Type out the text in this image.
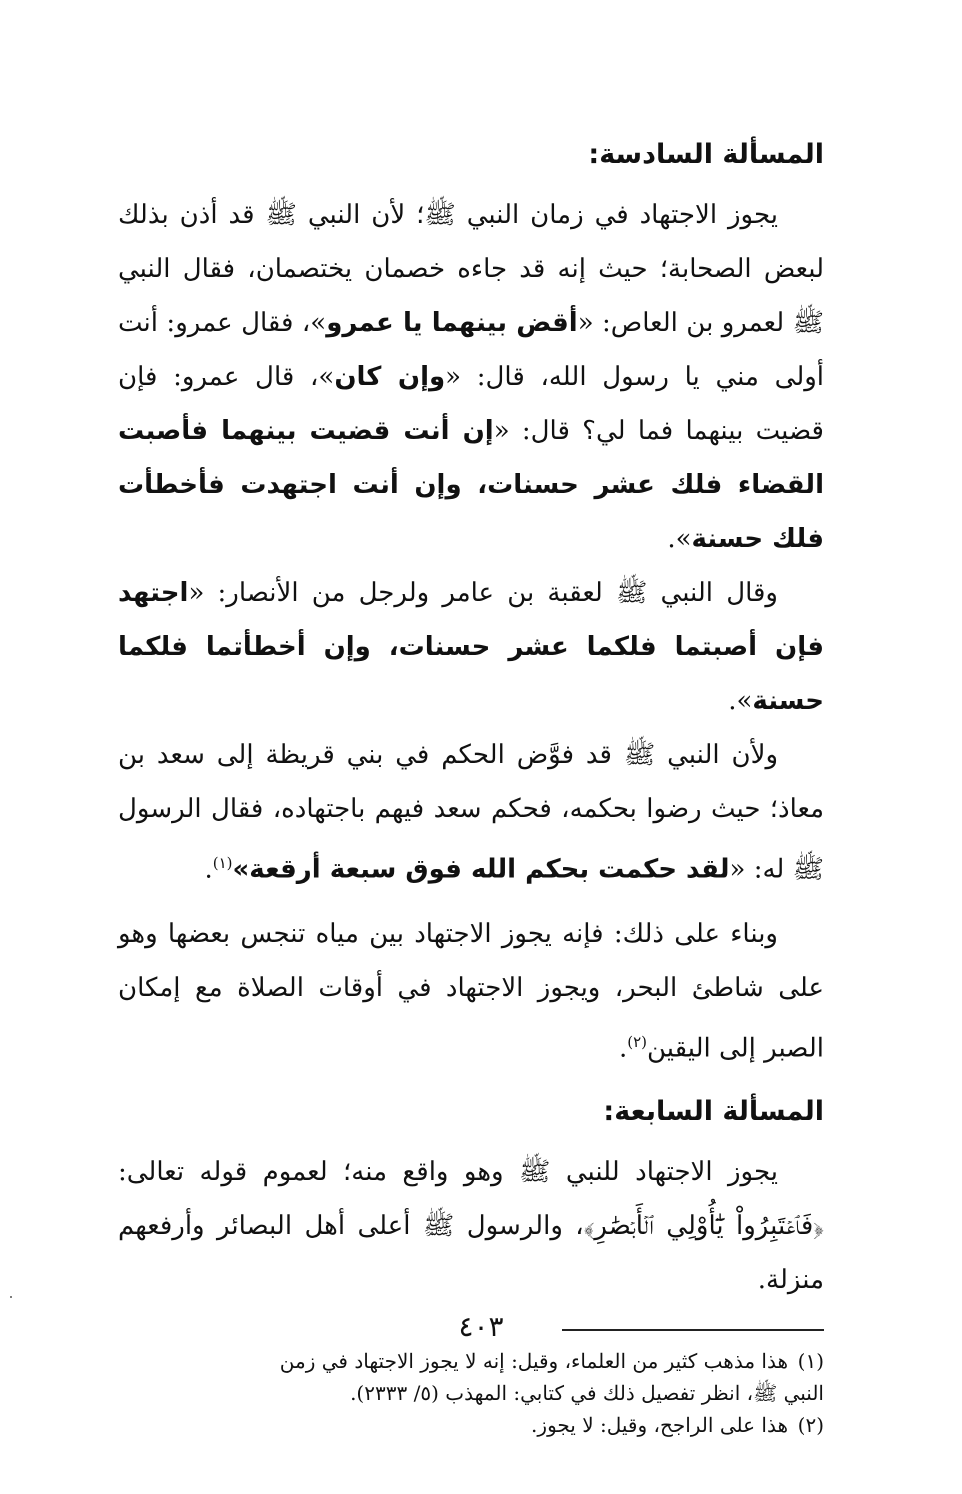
المسألة السادسة:

يجوز الاجتهاد في زمان النبي ﷺ؛ لأن النبي ﷺ قد أذن بذلك لبعض الصحابة؛ حيث إنه قد جاءه خصمان يختصمان، فقال النبي ﷺ لعمرو بن العاص: «أقض بينهما يا عمرو»، فقال عمرو: أنت أولى مني يا رسول الله، قال: «وإن كان»، قال عمرو: فإن قضيت بينهما فما لي؟ قال: «إن أنت قضيت بينهما فأصبت القضاء فلك عشر حسنات، وإن أنت اجتهدت فأخطأت فلك حسنة».

وقال النبي ﷺ لعقبة بن عامر ولرجل من الأنصار: «اجتهد فإن أصبتما فلكما عشر حسنات، وإن أخطأتما فلكما حسنة».

ولأن النبي ﷺ قد فوَّض الحكم في بني قريظة إلى سعد بن معاذ؛ حيث رضوا بحكمه، فحكم سعد فيهم باجتهاده، فقال الرسول ﷺ له: «لقد حكمت بحكم الله فوق سبعة أرقعة»$^{(١)}$.

وبناء على ذلك: فإنه يجوز الاجتهاد بين مياه تنجس بعضها وهو على شاطئ البحر، ويجوز الاجتهاد في أوقات الصلاة مع إمكان الصبر إلى اليقين$^{(٢)}$.

المسألة السابعة:

يجوز الاجتهاد للنبي ﷺ وهو واقع منه؛ لعموم قوله تعالى: ﴿فَٱعۡتَبِرُواْ يَٰٓأُوْلِي ٱلۡأَبۡصَٰرِ﴾، والرسول ﷺ أعلى أهل البصائر وأرفعهم منزلة.

(١)هذا مذهب كثير من العلماء، وقيل: إنه لا يجوز الاجتهاد في زمن

النبي ﷺ، انظر تفصيل ذلك في كتابي: المهذب (٥/ ٢٣٣٣).

(٢)هذا على الراجح، وقيل: لا يجوز.

٤٠٣
